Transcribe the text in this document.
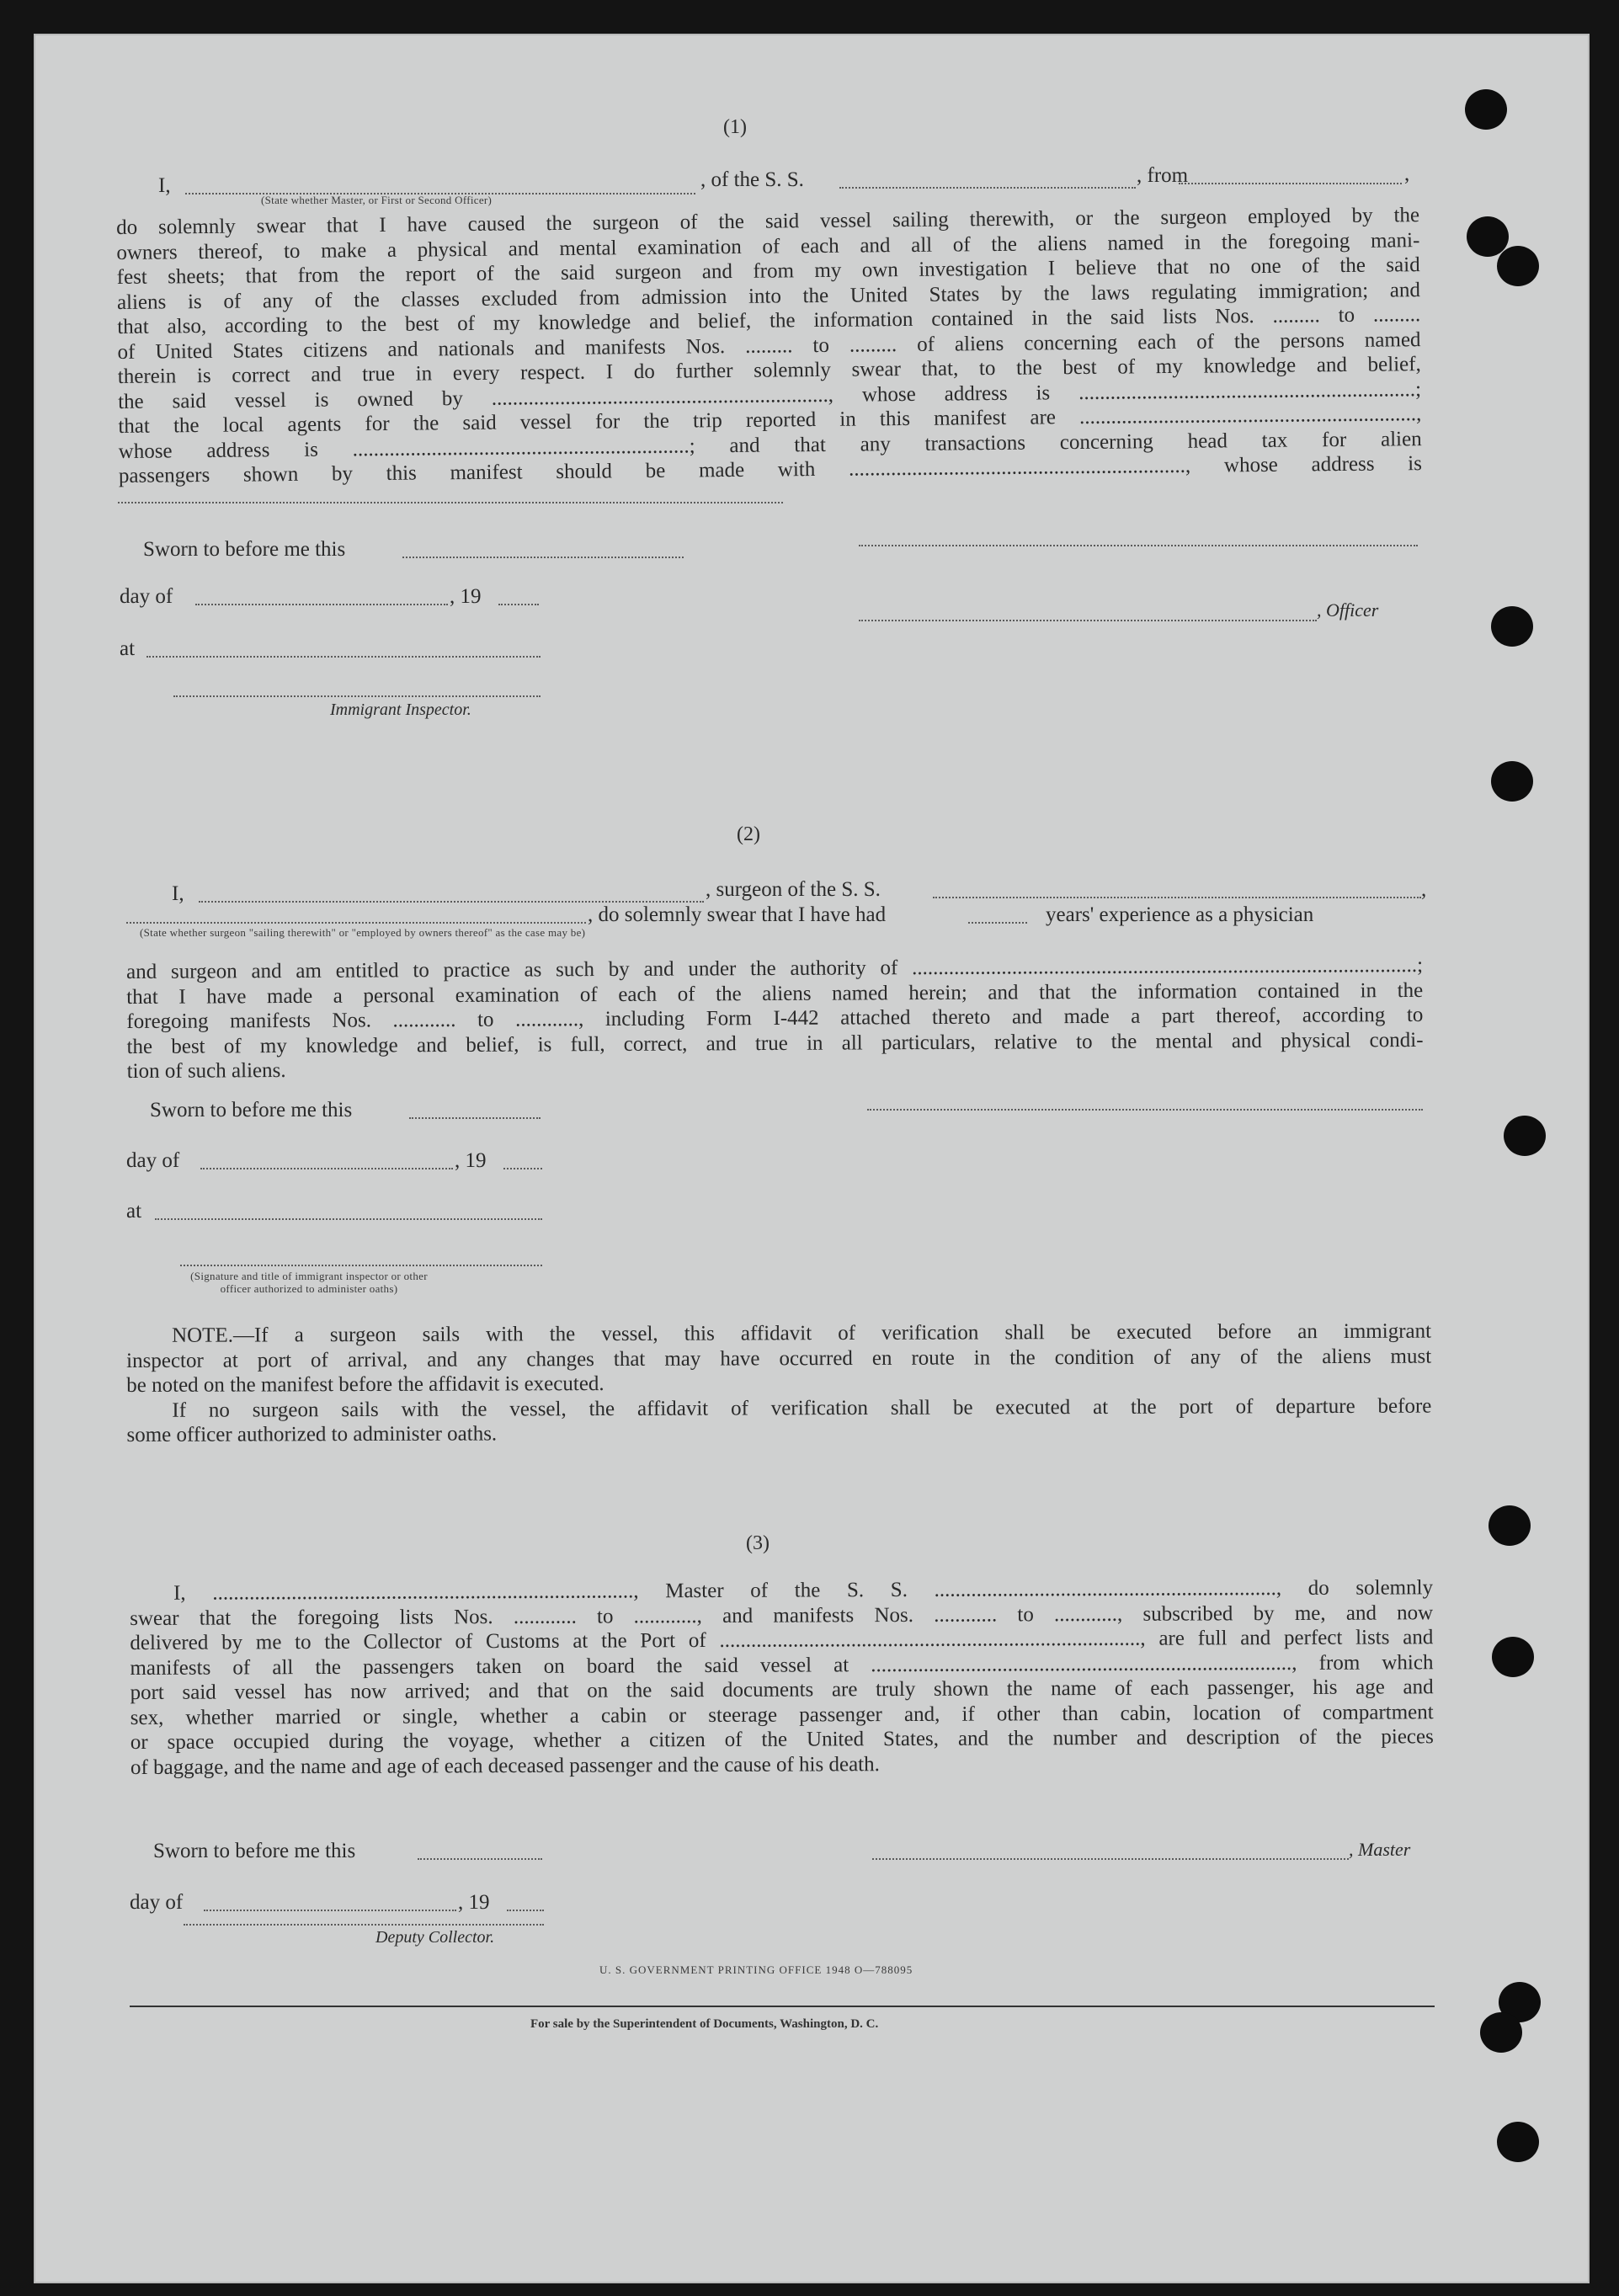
(1)
I,	, of the S. S.	, from	,
(State whether Master, or First or Second Officer)
do solemnly swear that I have caused the surgeon of the said vessel sailing therewith, or the surgeon employed by the
owners thereof, to make a physical and mental examination of each and all of the aliens named in the foregoing mani-
fest sheets; that from the report of the said surgeon and from my own investigation I believe that no one of the said
aliens is of any of the classes excluded from admission into the United States by the laws regulating immigration; and
that also, according to the best of my knowledge and belief, the information contained in the said lists Nos. ......... to .........
of United States citizens and nationals and manifests Nos. ......... to ......... of aliens concerning each of the persons named
therein is correct and true in every respect. I do further solemnly swear that, to the best of my knowledge and belief,
the said vessel is owned by ................................................................, whose address is ................................................................;
that the local agents for the said vessel for the trip reported in this manifest are ................................................................,
whose address is ................................................................; and that any transactions concerning head tax for alien
passengers shown by this manifest should be made with ................................................................, whose address is
Sworn to before me this
day of	, 19
, Officer
at
Immigrant Inspector.
(2)
I,	, surgeon of the S. S.	,
, do solemnly swear that I have had	years' experience as a physician
(State whether surgeon "sailing therewith" or "employed by owners thereof" as the case may be)
and surgeon and am entitled to practice as such by and under the authority of ................................................................................................;
that I have made a personal examination of each of the aliens named herein; and that the information contained in the
foregoing manifests Nos. ............ to ............, including Form I-442 attached thereto and made a part thereof, according to
the best of my knowledge and belief, is full, correct, and true in all particulars, relative to the mental and physical condi-
tion of such aliens.
Sworn to before me this
day of	, 19
at
(Signature and title of immigrant inspector or other officer authorized to administer oaths)
NOTE.—If a surgeon sails with the vessel, this affidavit of verification shall be executed before an immigrant
inspector at port of arrival, and any changes that may have occurred en route in the condition of any of the aliens must
be noted on the manifest before the affidavit is executed.
If no surgeon sails with the vessel, the affidavit of verification shall be executed at the port of departure before
some officer authorized to administer oaths.
(3)
I, ................................................................................, Master of the S. S. ................................................................., do solemnly
swear that the foregoing lists Nos. ............ to ............, and manifests Nos. ............ to ............, subscribed by me, and now
delivered by me to the Collector of Customs at the Port of ................................................................................, are full and perfect lists and
manifests of all the passengers taken on board the said vessel at ................................................................................, from which
port said vessel has now arrived; and that on the said documents are truly shown the name of each passenger, his age and
sex, whether married or single, whether a cabin or steerage passenger and, if other than cabin, location of compartment
or space occupied during the voyage, whether a citizen of the United States, and the number and description of the pieces
of baggage, and the name and age of each deceased passenger and the cause of his death.
Sworn to before me this	, Master
day of	, 19
Deputy Collector.
U. S. GOVERNMENT PRINTING OFFICE 1948 O—788095
For sale by the Superintendent of Documents, Washington, D. C.
